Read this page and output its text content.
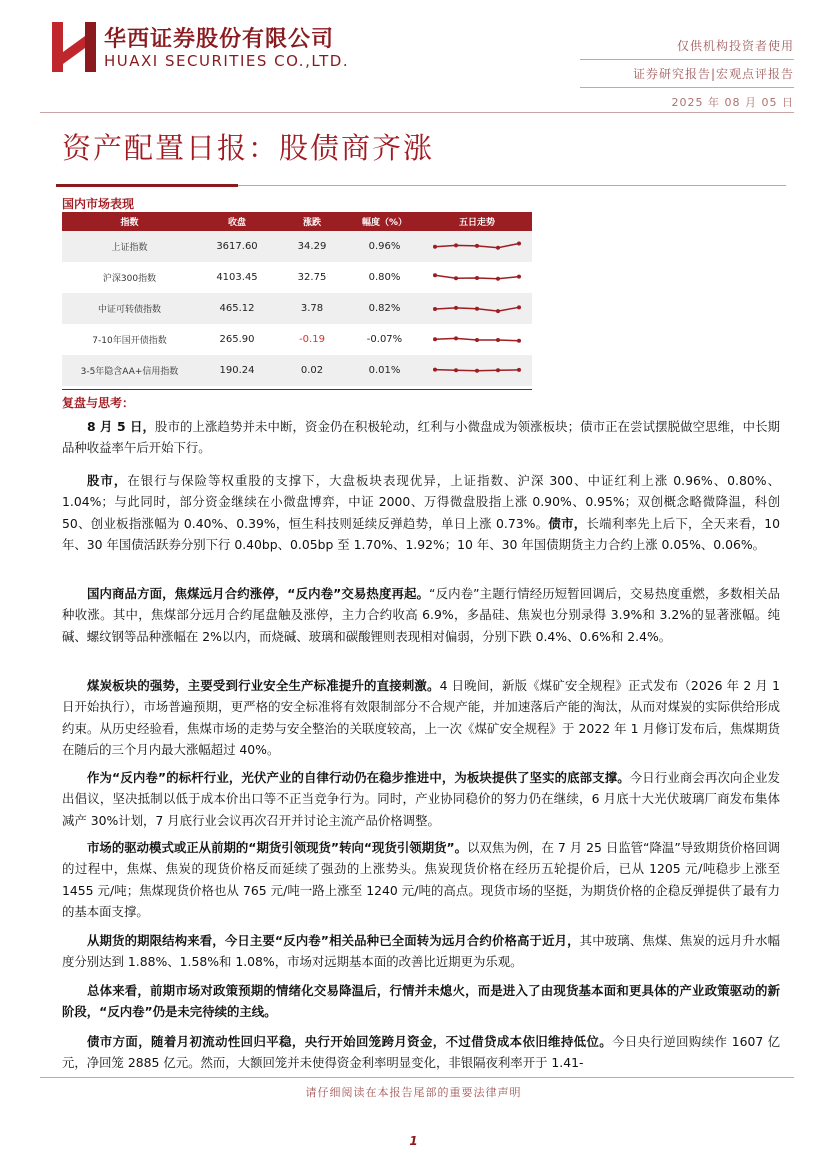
华西证券股份有限公司
HUAXI SECURITIES CO.,LTD.
仅供机构投资者使用
证券研究报告|宏观点评报告
2025 年 08 月 05 日
资产配置日报：股债商齐涨
国内市场表现
指数	收盘	涨跌	幅度（%）	五日走势
上证指数	3617.60	34.29	0.96%	

沪深300指数	4103.45	32.75	0.80%	

中证可转债指数	465.12	3.78	0.82%	

7-10年国开债指数	265.90	-0.19	-0.07%	

3-5年隐含AA+信用指数	190.24	0.02	0.01%	
复盘与思考：
8 月 5 日，股市的上涨趋势并未中断，资金仍在积极轮动，红利与小微盘成为领涨板块；债市正在尝试摆脱做空思维，中长期品种收益率午后开始下行。
股市，在银行与保险等权重股的支撑下，大盘板块表现优异，上证指数、沪深 300、中证红利上涨 0.96%、0.80%、1.04%；与此同时，部分资金继续在小微盘博弈，中证 2000、万得微盘股指上涨 0.90%、0.95%；双创概念略微降温，科创 50、创业板指涨幅为 0.40%、0.39%，恒生科技则延续反弹趋势，单日上涨 0.73%。债市，长端利率先上后下，全天来看，10 年、30 年国债活跃券分别下行 0.40bp、0.05bp 至 1.70%、1.92%；10 年、30 年国债期货主力合约上涨 0.05%、0.06%。
国内商品方面，焦煤远月合约涨停，“反内卷”交易热度再起。“反内卷”主题行情经历短暂回调后，交易热度重燃，多数相关品种收涨。其中，焦煤部分远月合约尾盘触及涨停，主力合约收高 6.9%，多晶硅、焦炭也分别录得 3.9%和 3.2%的显著涨幅。纯碱、螺纹钢等品种涨幅在 2%以内，而烧碱、玻璃和碳酸锂则表现相对偏弱，分别下跌 0.4%、0.6%和 2.4%。
煤炭板块的强势，主要受到行业安全生产标准提升的直接刺激。4 日晚间，新版《煤矿安全规程》正式发布（2026 年 2 月 1 日开始执行），市场普遍预期，更严格的安全标准将有效限制部分不合规产能，并加速落后产能的淘汰，从而对煤炭的实际供给形成约束。从历史经验看，焦煤市场的走势与安全整治的关联度较高，上一次《煤矿安全规程》于 2022 年 1 月修订发布后，焦煤期货在随后的三个月内最大涨幅超过 40%。
作为“反内卷”的标杆行业，光伏产业的自律行动仍在稳步推进中，为板块提供了坚实的底部支撑。今日行业商会再次向企业发出倡议，坚决抵制以低于成本价出口等不正当竞争行为。同时，产业协同稳价的努力仍在继续，6 月底十大光伏玻璃厂商发布集体减产 30%计划，7 月底行业会议再次召开并讨论主流产品价格调整。
市场的驱动模式或正从前期的“期货引领现货”转向“现货引领期货”。以双焦为例，在 7 月 25 日监管“降温”导致期货价格回调的过程中，焦煤、焦炭的现货价格反而延续了强劲的上涨势头。焦炭现货价格在经历五轮提价后，已从 1205 元/吨稳步上涨至 1455 元/吨；焦煤现货价格也从 765 元/吨一路上涨至 1240 元/吨的高点。现货市场的坚挺，为期货价格的企稳反弹提供了最有力的基本面支撑。
从期货的期限结构来看，今日主要“反内卷”相关品种已全面转为远月合约价格高于近月，其中玻璃、焦煤、焦炭的远月升水幅度分别达到 1.88%、1.58%和 1.08%，市场对远期基本面的改善比近期更为乐观。
总体来看，前期市场对政策预期的情绪化交易降温后，行情并未熄火，而是进入了由现货基本面和更具体的产业政策驱动的新阶段，“反内卷”仍是未完待续的主线。
债市方面，随着月初流动性回归平稳，央行开始回笼跨月资金，不过借贷成本依旧维持低位。今日央行逆回购续作 1607 亿元，净回笼 2885 亿元。然而，大额回笼并未使得资金利率明显变化，非银隔夜利率开于 1.41-
请仔细阅读在本报告尾部的重要法律声明
1
